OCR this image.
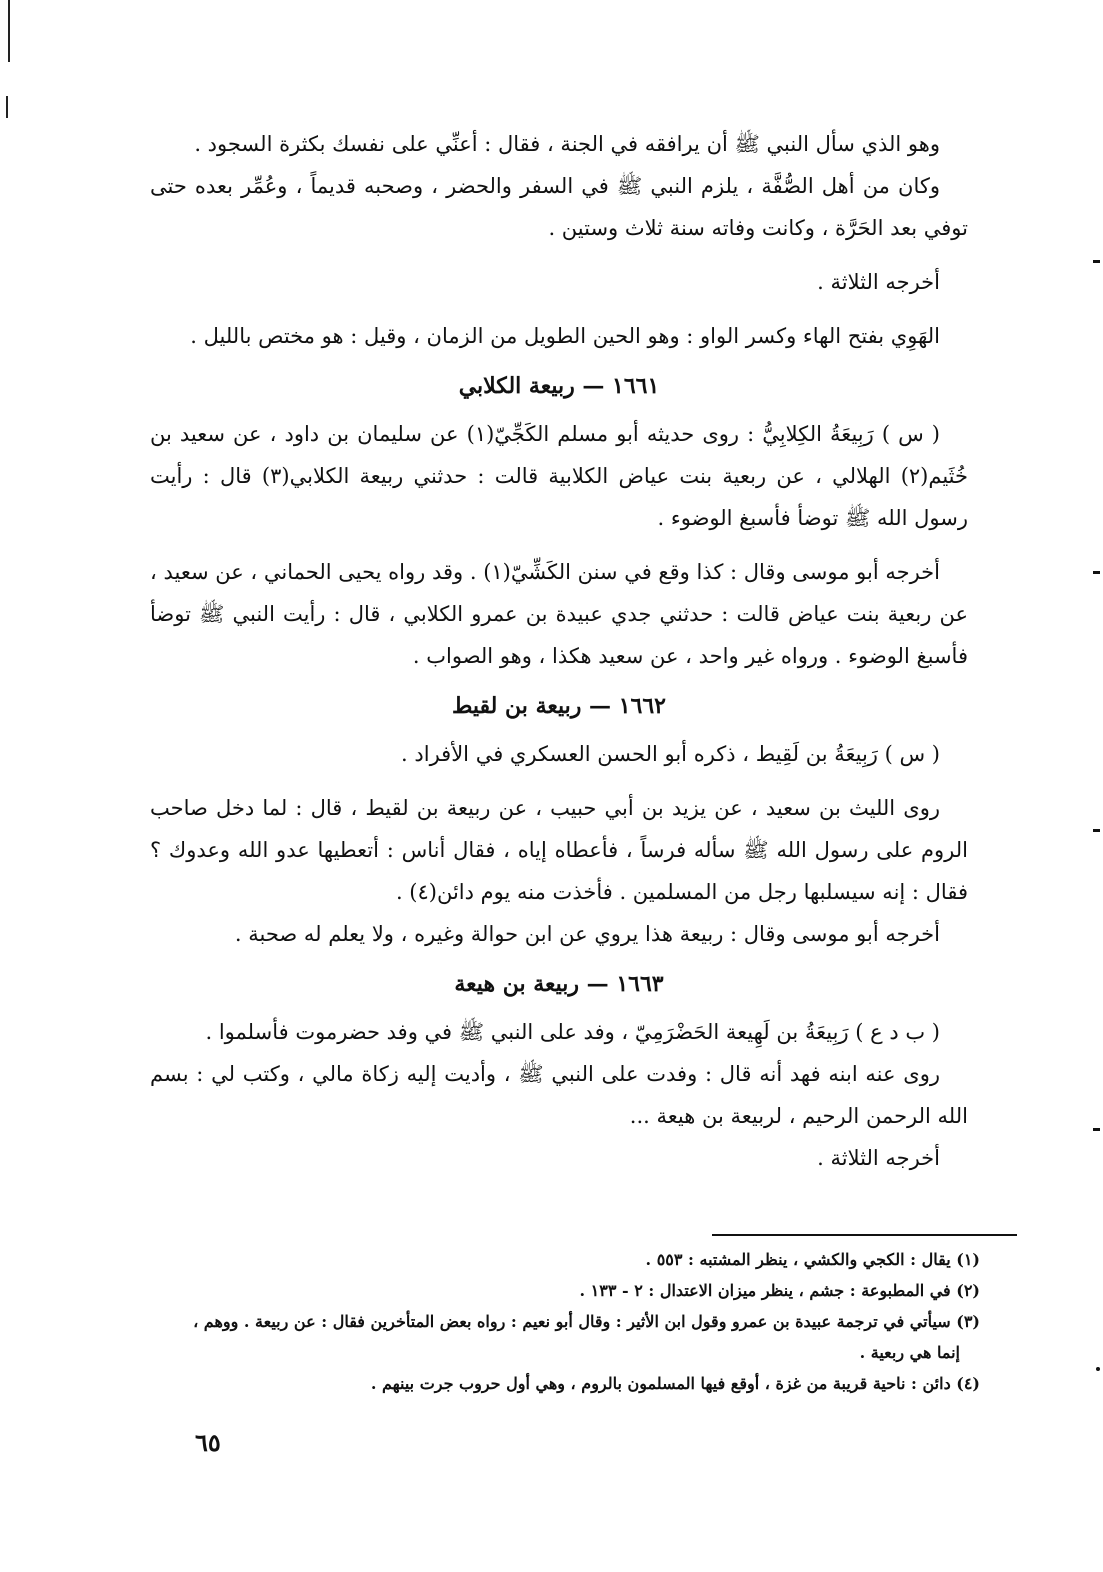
وهو الذي سأل النبي ﷺ أن يرافقه في الجنة ، فقال : أعنِّي على نفسك بكثرة السجود .

وكان من أهل الصُّفَّة ، يلزم النبي ﷺ في السفر والحضر ، وصحبه قديماً ، وعُمِّر بعده حتى توفي بعد الحَرَّة ، وكانت وفاته سنة ثلاث وستين .

أخرجه الثلاثة .

الهَوِي بفتح الهاء وكسر الواو : وهو الحين الطويل من الزمان ، وقيل : هو مختص بالليل .

١٦٦١ — ربيعة الكلابي

( س ) رَبِيعَةُ الكِلابِيُّ : روى حديثه أبو مسلم الكَجِّيّ(١) عن سليمان بن داود ، عن سعيد بن خُثَيم(٢) الهلالي ، عن ربعية بنت عياض الكلابية قالت : حدثني ربيعة الكلابي(٣) قال : رأيت رسول الله ﷺ توضأ فأسبغ الوضوء .

أخرجه أبو موسى وقال : كذا وقع في سنن الكَشِّيّ(١) . وقد رواه يحيى الحماني ، عن سعيد ، عن ربعية بنت عياض قالت : حدثني جدي عبيدة بن عمرو الكلابي ، قال : رأيت النبي ﷺ توضأ فأسبغ الوضوء . ورواه غير واحد ، عن سعيد هكذا ، وهو الصواب .

١٦٦٢ — ربيعة بن لقيط

( س ) رَبِيعَةُ بن لَقِيط ، ذكره أبو الحسن العسكري في الأفراد .

روى الليث بن سعيد ، عن يزيد بن أبي حبيب ، عن ربيعة بن لقيط ، قال : لما دخل صاحب الروم على رسول الله ﷺ سأله فرساً ، فأعطاه إياه ، فقال أناس : أتعطيها عدو الله وعدوك ؟ فقال : إنه سيسلبها رجل من المسلمين . فأخذت منه يوم دائن(٤) .

أخرجه أبو موسى وقال : ربيعة هذا يروي عن ابن حوالة وغيره ، ولا يعلم له صحبة .

١٦٦٣ — ربيعة بن هيعة

( ب د ع ) رَبِيعَةُ بن لَهِيعة الحَضْرَمِيّ ، وفد على النبي ﷺ في وفد حضرموت فأسلموا .

روى عنه ابنه فهد أنه قال : وفدت على النبي ﷺ ، وأديت إليه زكاة مالي ، وكتب لي : بسم الله الرحمن الرحيم ، لربيعة بن هيعة ...

أخرجه الثلاثة .

(١) يقال : الكجي والكشي ، ينظر المشتبه : ٥٥٣ .

(٢) في المطبوعة : جشم ، ينظر ميزان الاعتدال : ٢ - ١٣٣ .

(٣) سيأتي في ترجمة عبيدة بن عمرو وقول ابن الأثير : وقال أبو نعيم : رواه بعض المتأخرين فقال : عن ربيعة . ووهم ،

إنما هي ربعية .

(٤) دائن : ناحية قريبة من غزة ، أوقع فيها المسلمون بالروم ، وهي أول حروب جرت بينهم .

٦٥
